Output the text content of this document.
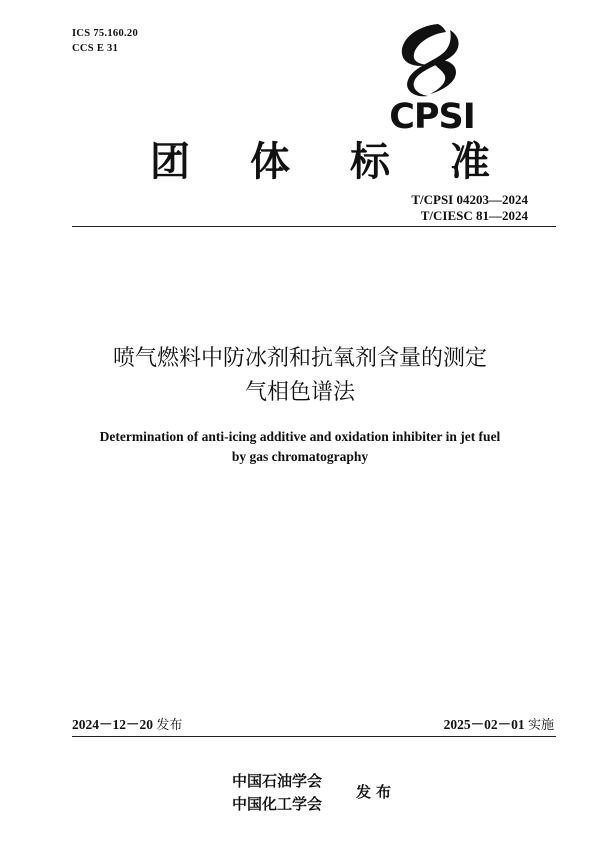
ICS 75.160.20
CCS E 31
CPSI
团 体 标 准
T/CPSI 04203—2024
T/CIESC 81—2024
喷气燃料中防冰剂和抗氧剂含量的测定
气相色谱法
Determination of anti-icing additive and oxidation inhibiter in jet fuel
by gas chromatography
2024－12－20 发布	2025－02－01 实施
中国石油学会
中国化工学会
发布
